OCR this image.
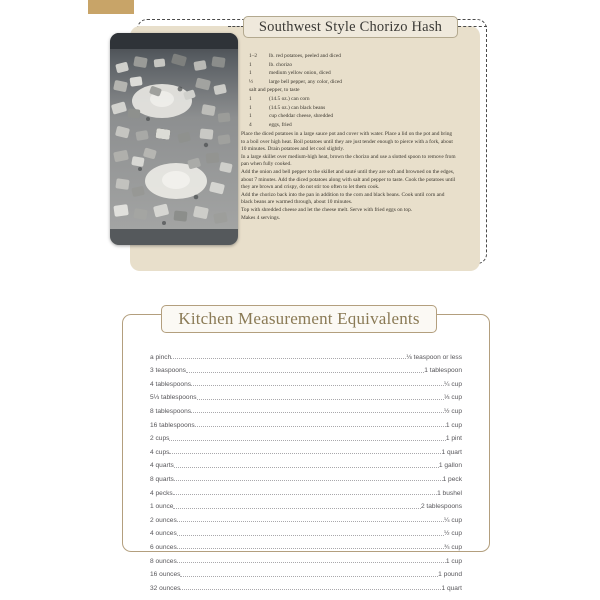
Southwest Style Chorizo Hash
1–2	lb. red potatoes, peeled and diced
1	lb. chorizo
1	medium yellow onion, diced
½	large bell pepper, any color, diced
salt and pepper, to taste
1	(14.5 oz.) can corn
1	(14.5 oz.) can black beans
1	cup cheddar cheese, shredded
4	eggs, fried

Place the diced potatoes in a large sauce pot and cover with water. Place a lid on the pot and bring to a boil over high heat. Boil potatoes until they are just tender enough to pierce with a fork, about 10 minutes. Drain potatoes and let cool slightly.

In a large skillet over medium-high heat, brown the chorizo and use a slotted spoon to remove from pan when fully cooked.

Add the onion and bell pepper to the skillet and sauté until they are soft and browned on the edges, about 7 minutes. Add the diced potatoes along with salt and pepper to taste. Cook the potatoes until they are brown and crispy, do not stir too often to let them cook.

Add the chorizo back into the pan in addition to the corn and black beans. Cook until corn and black beans are warmed through, about 10 minutes.

Top with shredded cheese and let the cheese melt. Serve with fried eggs on top.

Makes 4 servings.

Kitchen Measurement Equivalents
a pinch	⅛ teaspoon or less
3 teaspoons	1 tablespoon
4 tablespoons	¼ cup
5⅓ tablespoons	⅓ cup
8 tablespoons	½ cup
16 tablespoons	1 cup
2 cups	1 pint
4 cups	1 quart
4 quarts	1 gallon
8 quarts	1 peck
4 pecks	1 bushel
1 ounce	2 tablespoons
2 ounces	¼ cup
4 ounces	½ cup
6 ounces	¾ cup
8 ounces	1 cup
16 ounces	1 pound
32 ounces	1 quart
